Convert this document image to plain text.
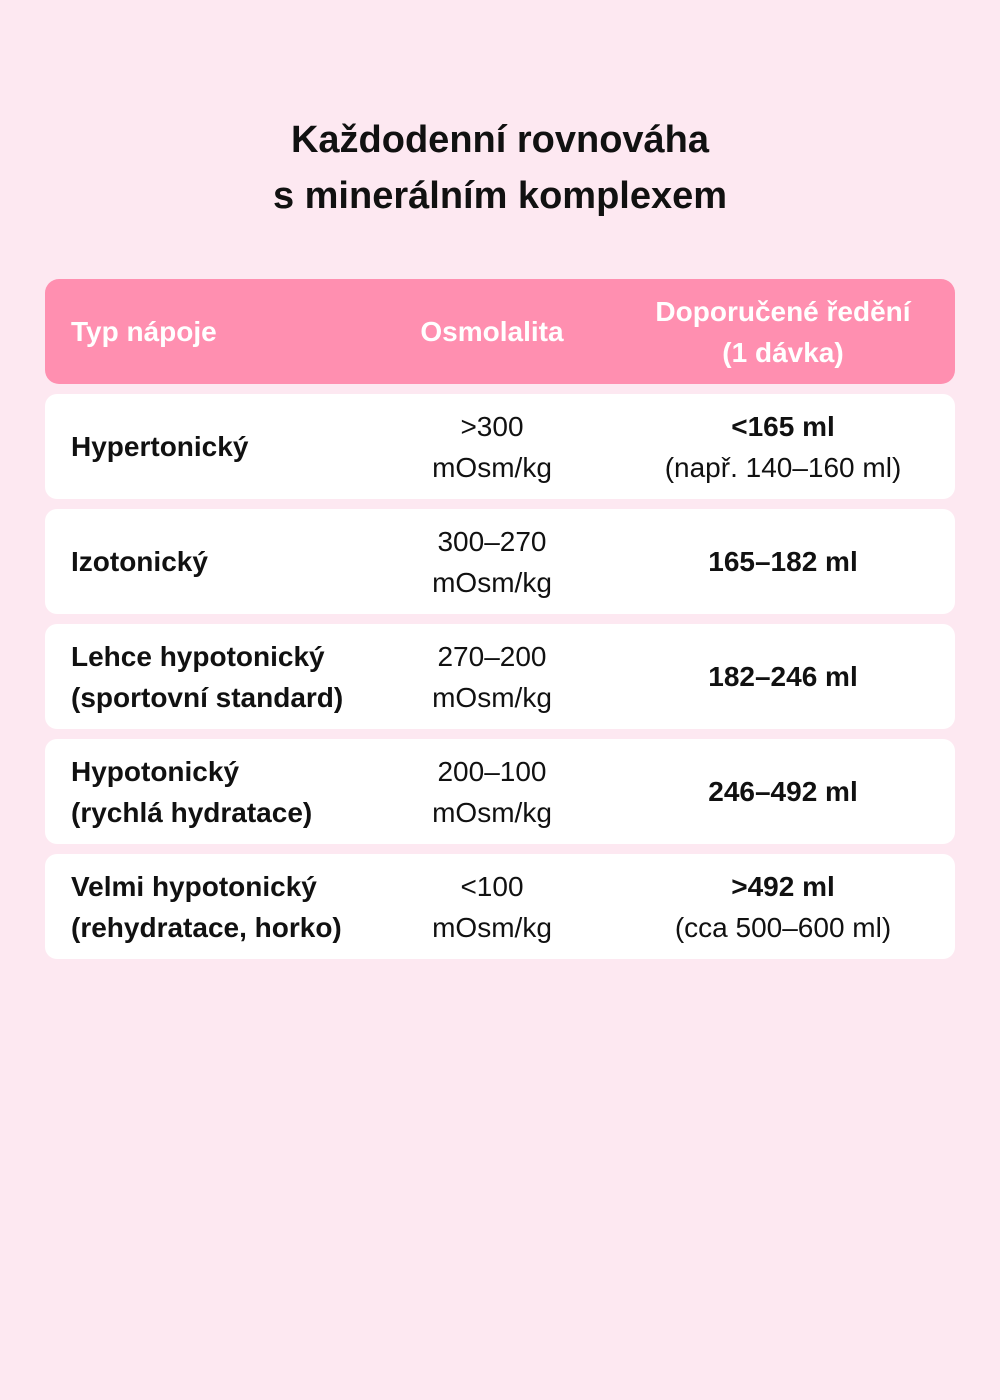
Každodenní rovnováha
s minerálním komplexem
Typ nápoje	Osmolalita
Doporučené ředění
(1 dávka)
Hypertonický
>300
mOsm/kg
<165 ml
(např. 140–160 ml)
Izotonický
300–270
mOsm/kg
165–182 ml
Lehce hypotonický
(sportovní standard)
270–200
mOsm/kg
182–246 ml
Hypotonický
(rychlá hydratace)
200–100
mOsm/kg
246–492 ml
Velmi hypotonický
(rehydratace, horko)
<100
mOsm/kg
>492 ml
(cca 500–600 ml)
